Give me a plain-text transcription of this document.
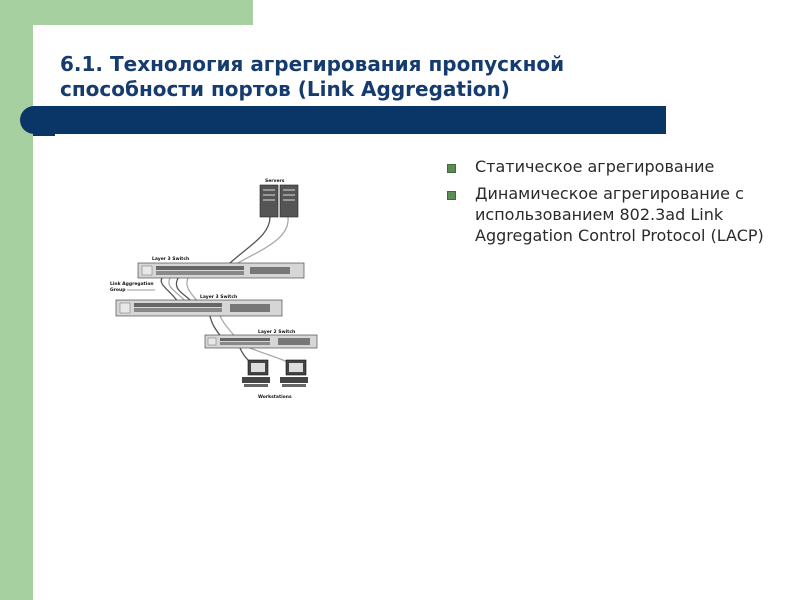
6.1. Технология агрегирования пропускной
способности портов (Link Aggregation)
Статическое агрегирование
Динамическое агрегирование с использованием 802.3ad Link Aggregation Control Protocol (LACP)
Servers
Layer 3 Switch
Link Aggregation
Group
Layer 3 Switch
Layer 2 Switch
Workstations
